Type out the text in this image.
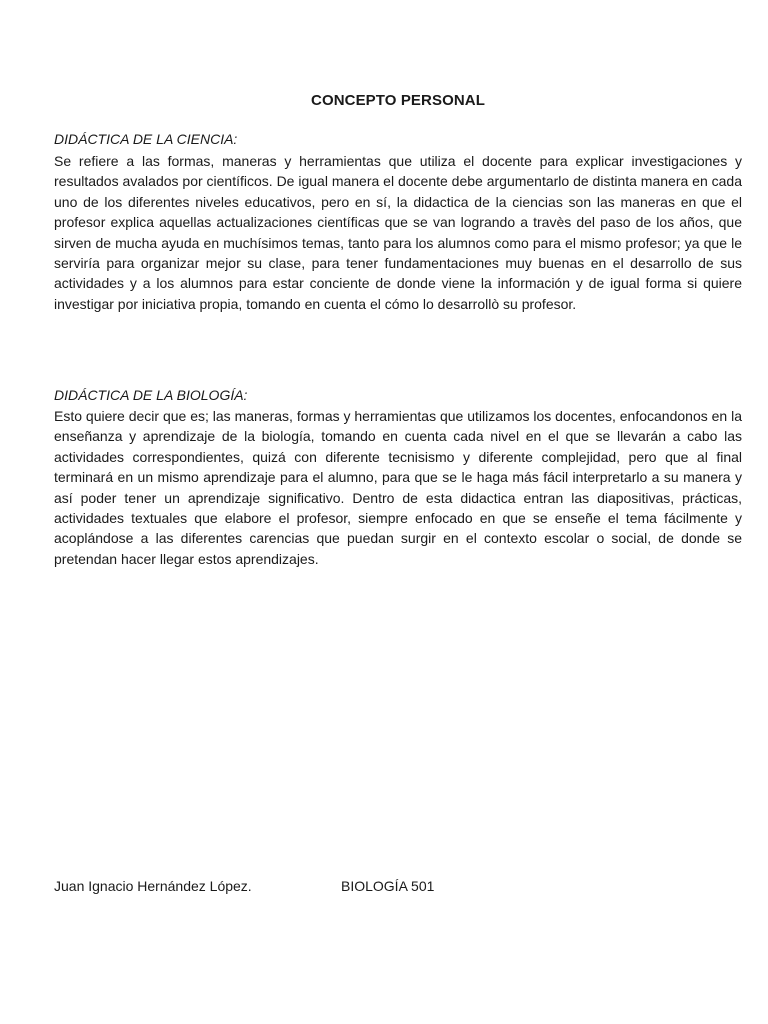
CONCEPTO PERSONAL
DIDÁCTICA DE LA CIENCIA:
Se refiere a las formas, maneras y herramientas que utiliza el docente para explicar investigaciones y resultados avalados por científicos. De igual manera el docente debe argumentarlo de distinta manera en cada uno de los diferentes niveles educativos, pero en sí, la didactica de la ciencias son las maneras en que el profesor explica aquellas actualizaciones científicas que se van logrando a travès del paso de los años, que sirven de mucha ayuda en muchísimos temas, tanto para los alumnos como para el mismo profesor; ya que le serviría para organizar mejor su clase, para tener fundamentaciones muy buenas en el desarrollo de sus actividades y a los alumnos para estar conciente de donde viene la información y de igual forma si quiere investigar por iniciativa propia, tomando en cuenta el cómo lo desarrollò su profesor.
DIDÁCTICA DE LA BIOLOGÍA:
Esto quiere decir que es; las maneras, formas y herramientas que utilizamos los docentes, enfocandonos en la enseñanza y aprendizaje de la biología, tomando en cuenta cada nivel en el que se llevarán a cabo las actividades correspondientes, quizá con diferente tecnisismo y diferente complejidad, pero que al final terminará en un mismo aprendizaje para el alumno, para que se le haga más fácil interpretarlo a su manera y así poder tener un aprendizaje significativo. Dentro de esta didactica entran las diapositivas, prácticas, actividades textuales que elabore el profesor, siempre enfocado en que se enseñe el tema fácilmente y acoplándose a las diferentes carencias que puedan surgir en el contexto escolar o social, de donde se pretendan hacer llegar estos aprendizajes.
Juan Ignacio Hernández López.	BIOLOGÍA 501
